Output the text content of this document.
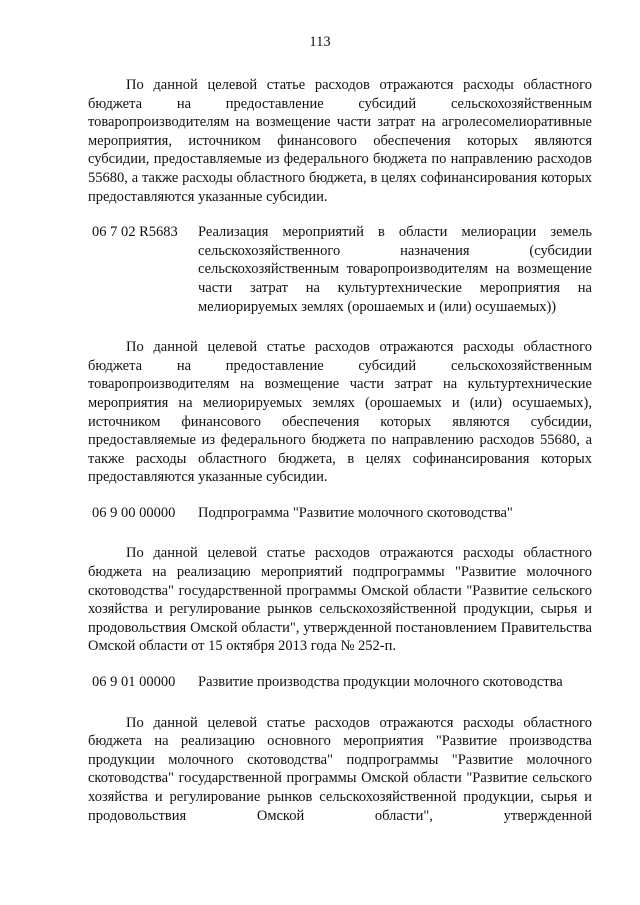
113

По данной целевой статье расходов отражаются расходы областного бюджета на предоставление субсидий сельскохозяйственным товаропроизводителям на возмещение части затрат на агролесомелиоративные мероприятия, источником финансового обеспечения которых являются субсидии, предоставляемые из федерального бюджета по направлению расходов 55680, а также расходы областного бюджета, в целях софинансирования которых предоставляются указанные субсидии.

06 7 02 R5683	Реализация мероприятий в области мелиорации земель сельскохозяйственного назначения (субсидии сельскохозяйственным товаропроизводителям на возмещение части затрат на культуртехнические мероприятия на мелиорируемых землях (орошаемых и (или) осушаемых))

По данной целевой статье расходов отражаются расходы областного бюджета на предоставление субсидий сельскохозяйственным товаропроизводителям на возмещение части затрат на культуртехнические мероприятия на мелиорируемых землях (орошаемых и (или) осушаемых), источником финансового обеспечения которых являются субсидии, предоставляемые из федерального бюджета по направлению расходов 55680, а также расходы областного бюджета, в целях софинансирования которых предоставляются указанные субсидии.

06 9 00 00000	Подпрограмма "Развитие молочного скотоводства"

По данной целевой статье расходов отражаются расходы областного бюджета на реализацию мероприятий подпрограммы "Развитие молочного скотоводства" государственной программы Омской области "Развитие сельского хозяйства и регулирование рынков сельскохозяйственной продукции, сырья и продовольствия Омской области", утвержденной постановлением Правительства Омской области от 15 октября 2013 года № 252-п.

06 9 01 00000	Развитие производства продукции молочного скотоводства

По данной целевой статье расходов отражаются расходы областного бюджета на реализацию основного мероприятия "Развитие производства продукции молочного скотоводства" подпрограммы "Развитие молочного скотоводства" государственной программы Омской области "Развитие сельского хозяйства и регулирование рынков сельскохозяйственной продукции, сырья и продовольствия Омской области", утвержденной
